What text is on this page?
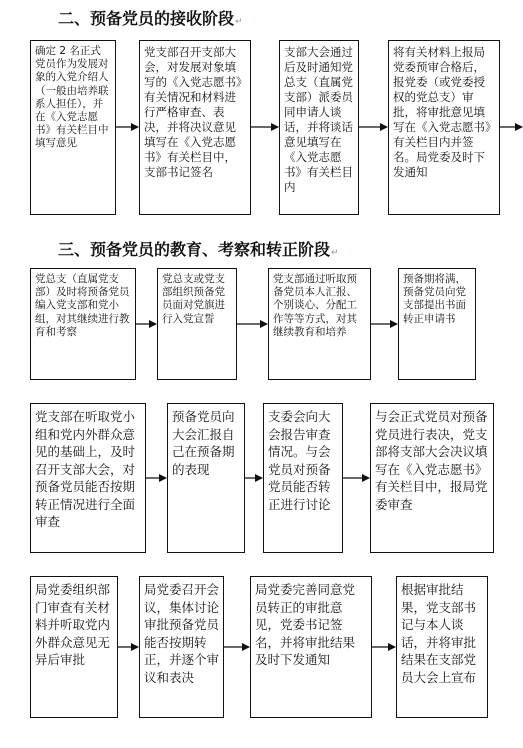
二、预备党员的接收阶段↵
三、预备党员的教育、考察和转正阶段↵
确定 2 名正式党员作为发展对象的入党介绍人（一般由培养联系人担任），并在《入党志愿书》有关栏目中填写意见
党支部召开支部大会，对发展对象填写的《入党志愿书》有关情况和材料进行严格审查、表决，并将决议意见填写在《入党志愿书》有关栏目中，支部书记签名
支部大会通过后及时通知党总支（直属党支部）派委员同申请人谈话，并将谈话意见填写在《入党志愿书》有关栏目内
将有关材料上报局党委预审合格后，报党委（或党委授权的党总支）审批，将审批意见填写在《入党志愿书》有关栏目内并签名。局党委及时下发通知
党总支（直属党支部）及时将预备党员编入党支部和党小组，对其继续进行教育和考察
党总支或党支部组织预备党员面对党旗进行入党宣誓
党支部通过听取预备党员本人汇报、个别谈心、分配工作等等方式，对其继续教育和培养
预备期将满，预备党员向党支部提出书面转正申请书
党支部在听取党小组和党内外群众意见的基础上，及时召开支部大会，对预备党员能否按期转正情况进行全面审查
预备党员向大会汇报自己在预备期的表现
支委会向大会报告审查情况。与会党员对预备党员能否转正进行讨论
与会正式党员对预备党员进行表决，党支部将支部大会决议填写在《入党志愿书》有关栏目中，报局党委审查
局党委组织部门审查有关材料并听取党内外群众意见无异后审批
局党委召开会议，集体讨论审批预备党员能否按期转正，并逐个审议和表决
局党委完善同意党员转正的审批意见，党委书记签名，并将审批结果及时下发通知
根据审批结果，党支部书记与本人谈话，并将审批结果在支部党员大会上宣布
